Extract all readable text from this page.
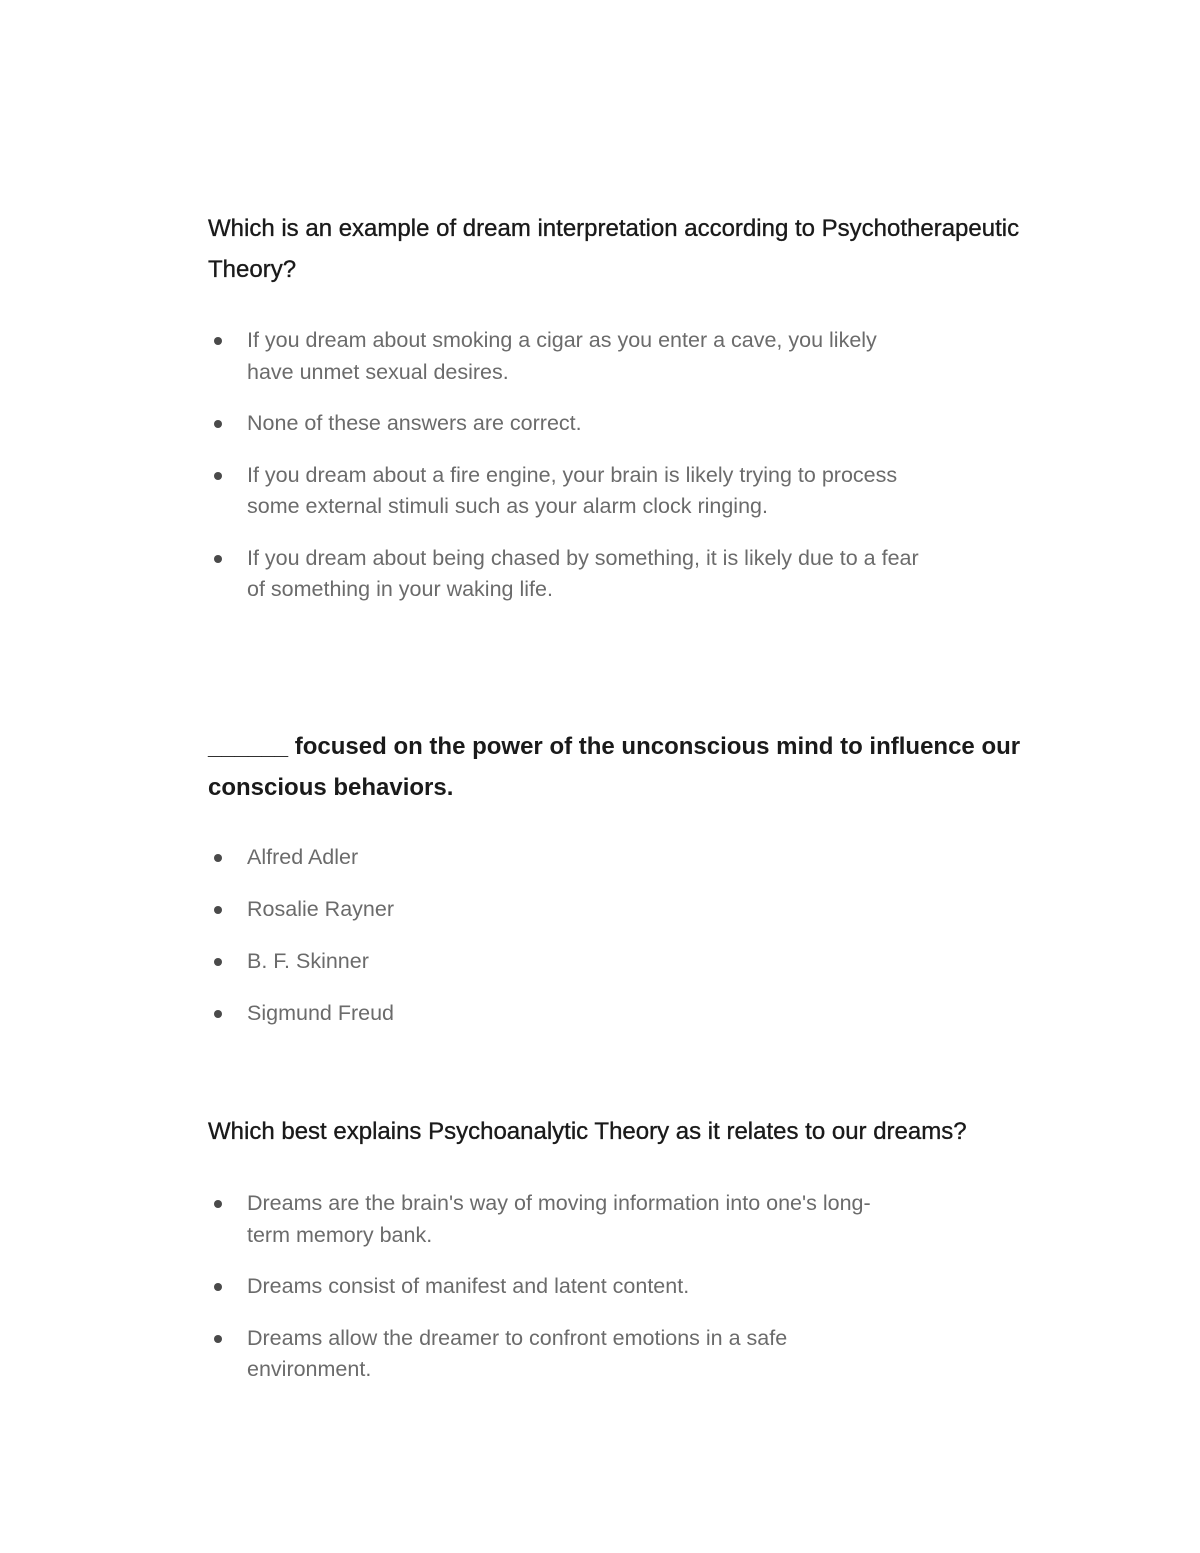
Which is an example of dream interpretation according to Psychotherapeutic Theory?
If you dream about smoking a cigar as you enter a cave, you likely have unmet sexual desires.
None of these answers are correct.
If you dream about a fire engine, your brain is likely trying to process some external stimuli such as your alarm clock ringing.
If you dream about being chased by something, it is likely due to a fear of something in your waking life.
______ focused on the power of the unconscious mind to influence our conscious behaviors.
Alfred Adler
Rosalie Rayner
B. F. Skinner
Sigmund Freud
Which best explains Psychoanalytic Theory as it relates to our dreams?
Dreams are the brain's way of moving information into one's long-term memory bank.
Dreams consist of manifest and latent content.
Dreams allow the dreamer to confront emotions in a safe environment.
